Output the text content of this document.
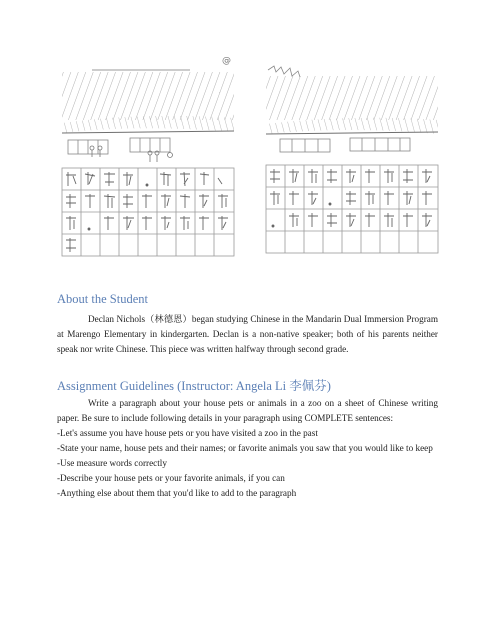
@
About the Student

Declan Nichols（林德恩）began studying Chinese in the Mandarin Dual Immersion Program at Marengo Elementary in kindergarten. Declan is a non-native speaker; both of his parents neither speak nor write Chinese. This piece was written halfway through second grade.

Assignment Guidelines (Instructor: Angela Li 李佩芬)
Write a paragraph about your house pets or animals in a zoo on a sheet of Chinese writing paper. Be sure to include following details in your paragraph using COMPLETE sentences:
-Let's assume you have house pets or you have visited a zoo in the past
-State your name, house pets and their names; or favorite animals you saw that you would like to keep
-Use measure words correctly
-Describe your house pets or your favorite animals, if you can
-Anything else about them that you'd like to add to the paragraph
